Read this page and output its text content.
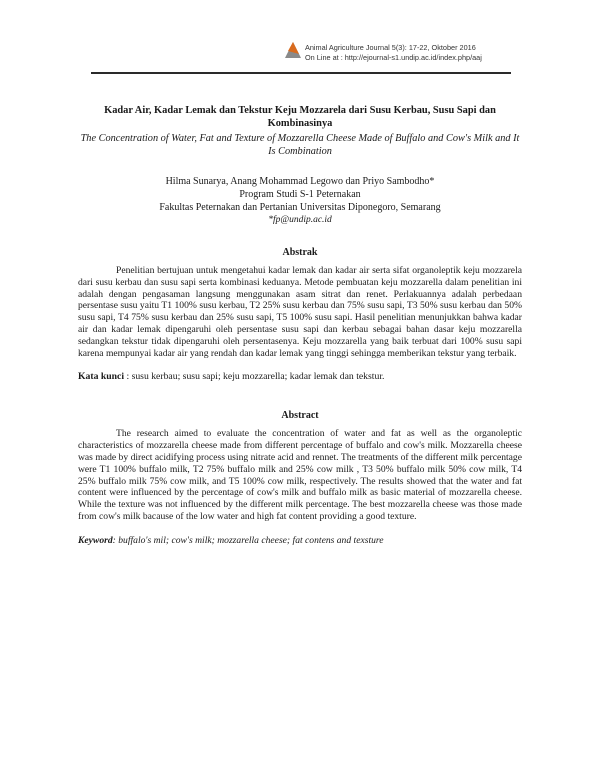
Animal Agriculture Journal 5(3): 17-22, Oktober 2016
On Line at : http://ejournal-s1.undip.ac.id/index.php/aaj

Kadar Air, Kadar Lemak dan Tekstur Keju Mozzarela dari Susu Kerbau, Susu Sapi dan Kombinasinya

The Concentration of Water, Fat and Texture of Mozzarella Cheese Made of Buffalo and Cow's Milk and It Is Combination

Hilma Sunarya, Anang Mohammad Legowo dan Priyo Sambodho*
Program Studi S-1 Peternakan
Fakultas Peternakan dan Pertanian Universitas Diponegoro, Semarang
*fp@undip.ac.id

Abstrak

Penelitian bertujuan untuk mengetahui kadar lemak dan kadar air serta sifat organoleptik keju mozzarela dari susu kerbau dan susu sapi serta kombinasi keduanya. Metode pembuatan keju mozzarella dalam penelitian ini adalah dengan pengasaman langsung menggunakan asam sitrat dan renet. Perlakuannya adalah perbedaan persentase susu yaitu T1 100% susu kerbau, T2 25% susu kerbau dan 75% susu sapi, T3 50% susu kerbau dan 50% susu sapi, T4 75% susu kerbau dan 25% susu sapi, T5 100% susu sapi. Hasil penelitian menunjukkan bahwa kadar air dan kadar lemak dipengaruhi oleh persentase susu sapi dan kerbau sebagai bahan dasar keju mozzarella sedangkan tekstur tidak dipengaruhi oleh persentasenya. Keju mozzarella yang baik terbuat dari 100% susu sapi karena mempunyai kadar air yang rendah dan kadar lemak yang tinggi sehingga memberikan tekstur yang terbaik.

Kata kunci : susu kerbau; susu sapi; keju mozzarella; kadar lemak dan tekstur.

Abstract

The research aimed to evaluate the concentration of water and fat as well as the organoleptic characteristics of mozzarella cheese made from different percentage of buffalo and cow's milk. Mozzarella cheese was made by direct acidifying process using nitrate acid and rennet. The treatments of the different milk percentage were T1 100% buffalo milk, T2 75% buffalo milk and 25% cow milk , T3 50% buffalo milk 50% cow milk, T4 25% buffalo milk 75% cow milk, and T5 100% cow milk, respectively. The results showed that the water and fat content were influenced by the percentage of cow's milk and buffalo milk as basic material of mozzarella cheese. While the texture was not influenced by the different milk percentage. The best mozzarella cheese was those made from cow's milk bacause of the low water and high fat content providing a good texture.

Keyword: buffalo's mil; cow's milk; mozzarella cheese; fat contens and texsture
